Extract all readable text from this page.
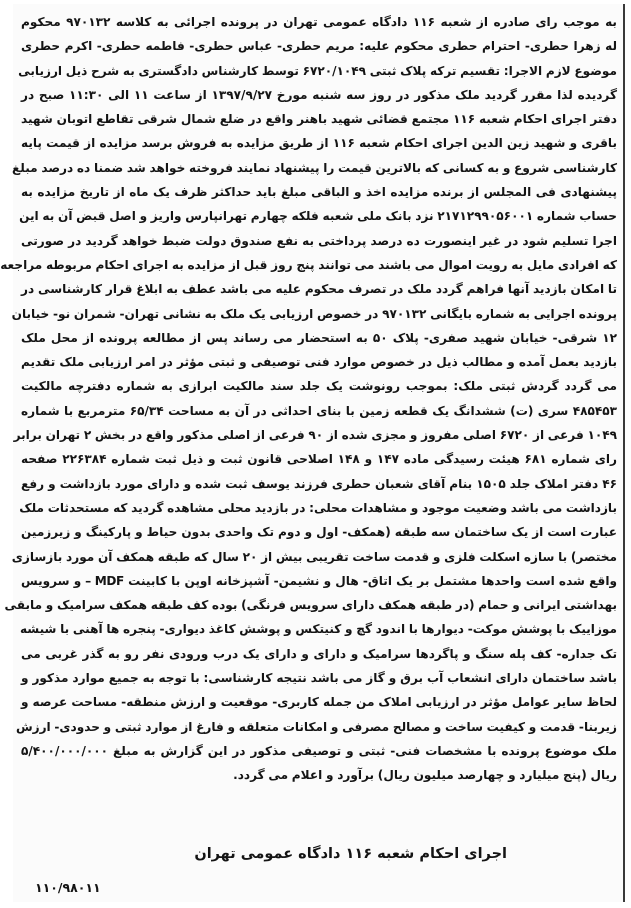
به موجب رای صادره از شعبه ۱۱۶ دادگاه عمومی تهران در پرونده اجرائی به کلاسه ۹۷۰۱۳۲ محکوم
له زهرا حطری- احترام حطری محکوم علیه: مریم حطری- عباس حطری- فاطمه حطری- اکرم حطری
موضوع لازم الاجرا: تقسیم ترکه پلاک ثبتی ۶۷۲۰/۱۰۴۹ توسط کارشناس دادگستری به شرح ذیل ارزیابی
گردیده لذا مقرر گردید ملک مذکور در روز سه شنبه مورخ ۱۳۹۷/۹/۲۷ از ساعت ۱۱ الی ۱۱:۳۰ صبح در
دفتر اجرای احکام شعبه ۱۱۶ مجتمع قضائی شهید باهنر واقع در ضلع شمال شرقی تقاطع اتوبان شهید
باقری و شهید زین الدین اجرای احکام شعبه ۱۱۶ از طریق مزایده به فروش برسد مزایده از قیمت پایه
کارشناسی شروع و به کسانی که بالاترین قیمت را پیشنهاد نمایند فروخته خواهد شد ضمنا ده درصد مبلغ
پیشنهادی فی المجلس از برنده مزایده اخذ و الباقی مبلغ باید حداکثر ظرف یک ماه از تاریخ مزایده به
حساب شماره ۲۱۷۱۲۹۹۰۵۶۰۰۱ نزد بانک ملی شعبه فلکه چهارم تهرانپارس واریز و اصل قبض آن به این
اجرا تسلیم شود در غیر اینصورت ده درصد پرداختی به نفع صندوق دولت ضبط خواهد گردید در صورتی
که افرادی مایل به رویت اموال می باشند می توانند پنج روز قبل از مزایده به اجرای احکام مربوطه مراجعه
تا امکان بازدید آنها فراهم گردد ملک در تصرف محکوم علیه می باشد عطف به ابلاغ قرار کارشناسی در
پرونده اجرایی به شماره بایگانی ۹۷۰۱۳۲ در خصوص ارزیابی یک ملک به نشانی تهران- شمران نو- خیابان
۱۲ شرقی- خیابان شهید صفری- پلاک ۵۰ به استحضار می رساند پس از مطالعه پرونده از محل ملک
بازدید بعمل آمده و مطالب ذیل در خصوص موارد فنی توصیفی و ثبتی مؤثر در امر ارزیابی ملک تقدیم
می گردد گردش ثبتی ملک: بموجب رونوشت یک جلد سند مالکیت ابرازی به شماره دفترچه مالکیت
۴۸۵۴۵۳ سری (ت) ششدانگ یک قطعه زمین با بنای احداثی در آن به مساحت ۶۵/۳۴ مترمربع با شماره
۱۰۴۹ فرعی از ۶۷۲۰ اصلی مفروز و مجزی شده از ۹۰ فرعی از اصلی مذکور واقع در بخش ۲ تهران برابر
رای شماره ۶۸۱ هیئت رسیدگی ماده ۱۴۷ و ۱۴۸ اصلاحی قانون ثبت و ذیل ثبت شماره ۲۲۶۳۸۴ صفحه
۴۶ دفتر املاک جلد ۱۵۰۵ بنام آقای شعبان حطری فرزند یوسف ثبت شده و دارای مورد بازداشت و رفع
بازداشت می باشد وضعیت موجود و مشاهدات محلی: در بازدید محلی مشاهده گردید که مستحدثات ملک
عبارت است از یک ساختمان سه طبقه (همکف- اول و دوم تک واحدی بدون حیاط و پارکینگ و زیرزمین
مختصر) با سازه اسکلت فلزی و قدمت ساخت تقریبی بیش از ۲۰ سال که طبقه همکف آن مورد بازسازی
واقع شده است واحدها مشتمل بر یک اتاق- هال و نشیمن- آشپزخانه اوپن با کابینت MDF – و سرویس
بهداشتی ایرانی و حمام (در طبقه همکف دارای سرویس فرنگی) بوده کف طبقه همکف سرامیک و مابقی
موزاییک با پوشش موکت- دیوارها با اندود گچ و کنیتکس و پوشش کاغذ دیواری- پنجره ها آهنی با شیشه
تک جداره- کف پله سنگ و پاگردها سرامیک و دارای و دارای یک درب ورودی نفر رو به گذر غربی می
باشد ساختمان دارای انشعاب آب برق و گاز می باشد نتیجه کارشناسی: با توجه به جمیع موارد مذکور و
لحاظ سایر عوامل مؤثر در ارزیابی املاک من جمله کاربری- موقعیت و ارزش منطقه- مساحت عرصه و
زیربنا- قدمت و کیفیت ساخت و مصالح مصرفی و امکانات متعلقه و فارغ از موارد ثبتی و حدودی- ارزش
ملک موضوع پرونده با مشخصات فنی- ثبتی و توصیفی مذکور در این گزارش به مبلغ ۵/۴۰۰/۰۰۰/۰۰۰
ریال (پنج میلیارد و چهارصد میلیون ریال) برآورد و اعلام می گردد.
اجرای احکام شعبه ۱۱۶ دادگاه عمومی تهران
۱۱۰/۹۸۰۱۱
